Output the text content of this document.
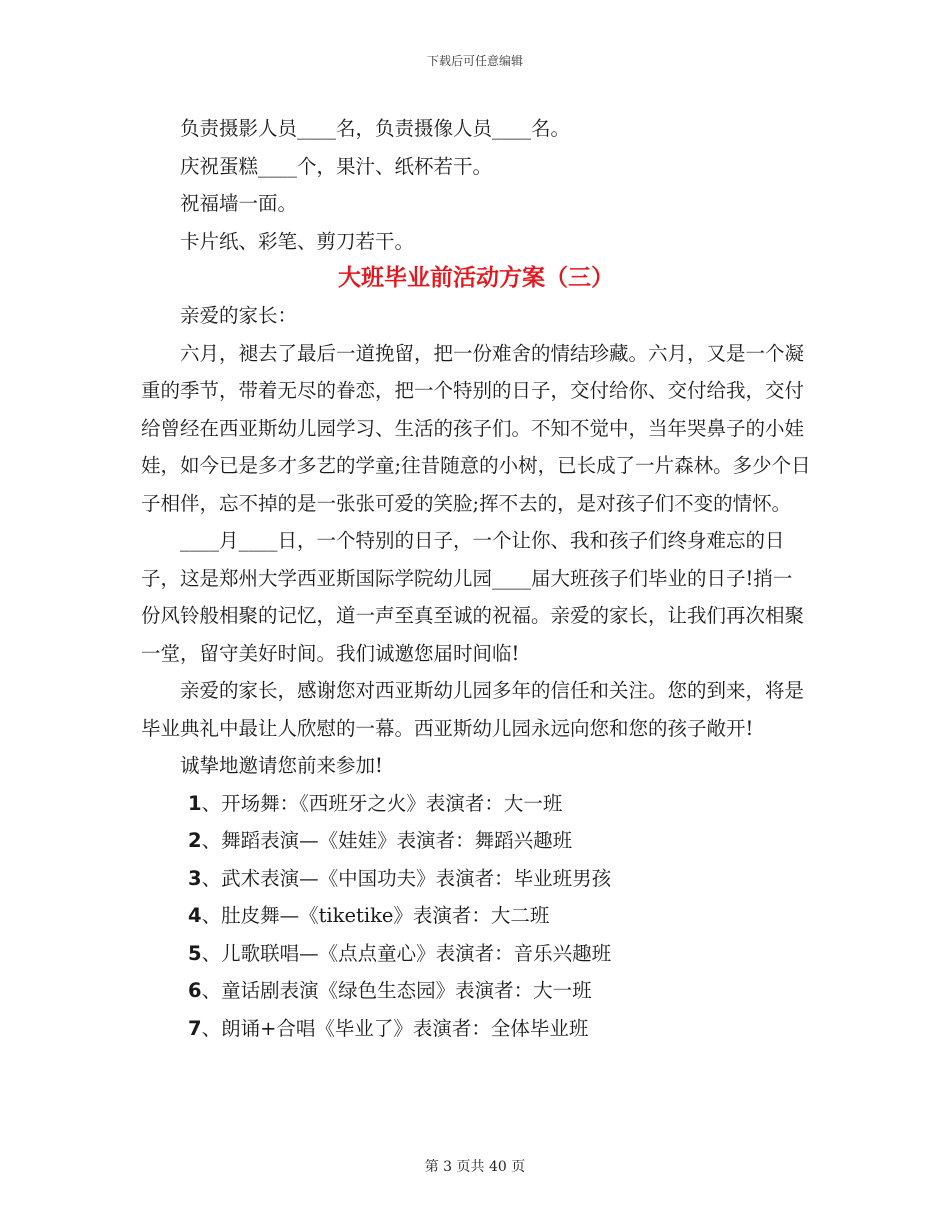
下载后可任意编辑

负责摄影人员____名，负责摄像人员____名。

庆祝蛋糕____个，果汁、纸杯若干。

祝福墙一面。

卡片纸、彩笔、剪刀若干。

大班毕业前活动方案（三）

亲爱的家长：

六月，褪去了最后一道挽留，把一份难舍的情结珍藏。六月，又是一个凝重的季节，带着无尽的眷恋，把一个特别的日子，交付给你、交付给我，交付给曾经在西亚斯幼儿园学习、生活的孩子们。不知不觉中，当年哭鼻子的小娃娃，如今已是多才多艺的学童;往昔随意的小树，已长成了一片森林。多少个日子相伴，忘不掉的是一张张可爱的笑脸;挥不去的，是对孩子们不变的情怀。

____月____日，一个特别的日子，一个让你、我和孩子们终身难忘的日子，这是郑州大学西亚斯国际学院幼儿园____届大班孩子们毕业的日子!捎一份风铃般相聚的记忆，道一声至真至诚的祝福。亲爱的家长，让我们再次相聚一堂，留守美好时间。我们诚邀您届时间临!

亲爱的家长，感谢您对西亚斯幼儿园多年的信任和关注。您的到来，将是毕业典礼中最让人欣慰的一幕。西亚斯幼儿园永远向您和您的孩子敞开!

诚挚地邀请您前来参加!

1、开场舞：《西班牙之火》表演者：大一班

2、舞蹈表演—《娃娃》表演者：舞蹈兴趣班

3、武术表演—《中国功夫》表演者：毕业班男孩

4、肚皮舞—《tiketike》表演者：大二班

5、儿歌联唱—《点点童心》表演者：音乐兴趣班

6、童话剧表演《绿色生态园》表演者：大一班

7、朗诵+合唱《毕业了》表演者：全体毕业班

第 3 页共 40 页
